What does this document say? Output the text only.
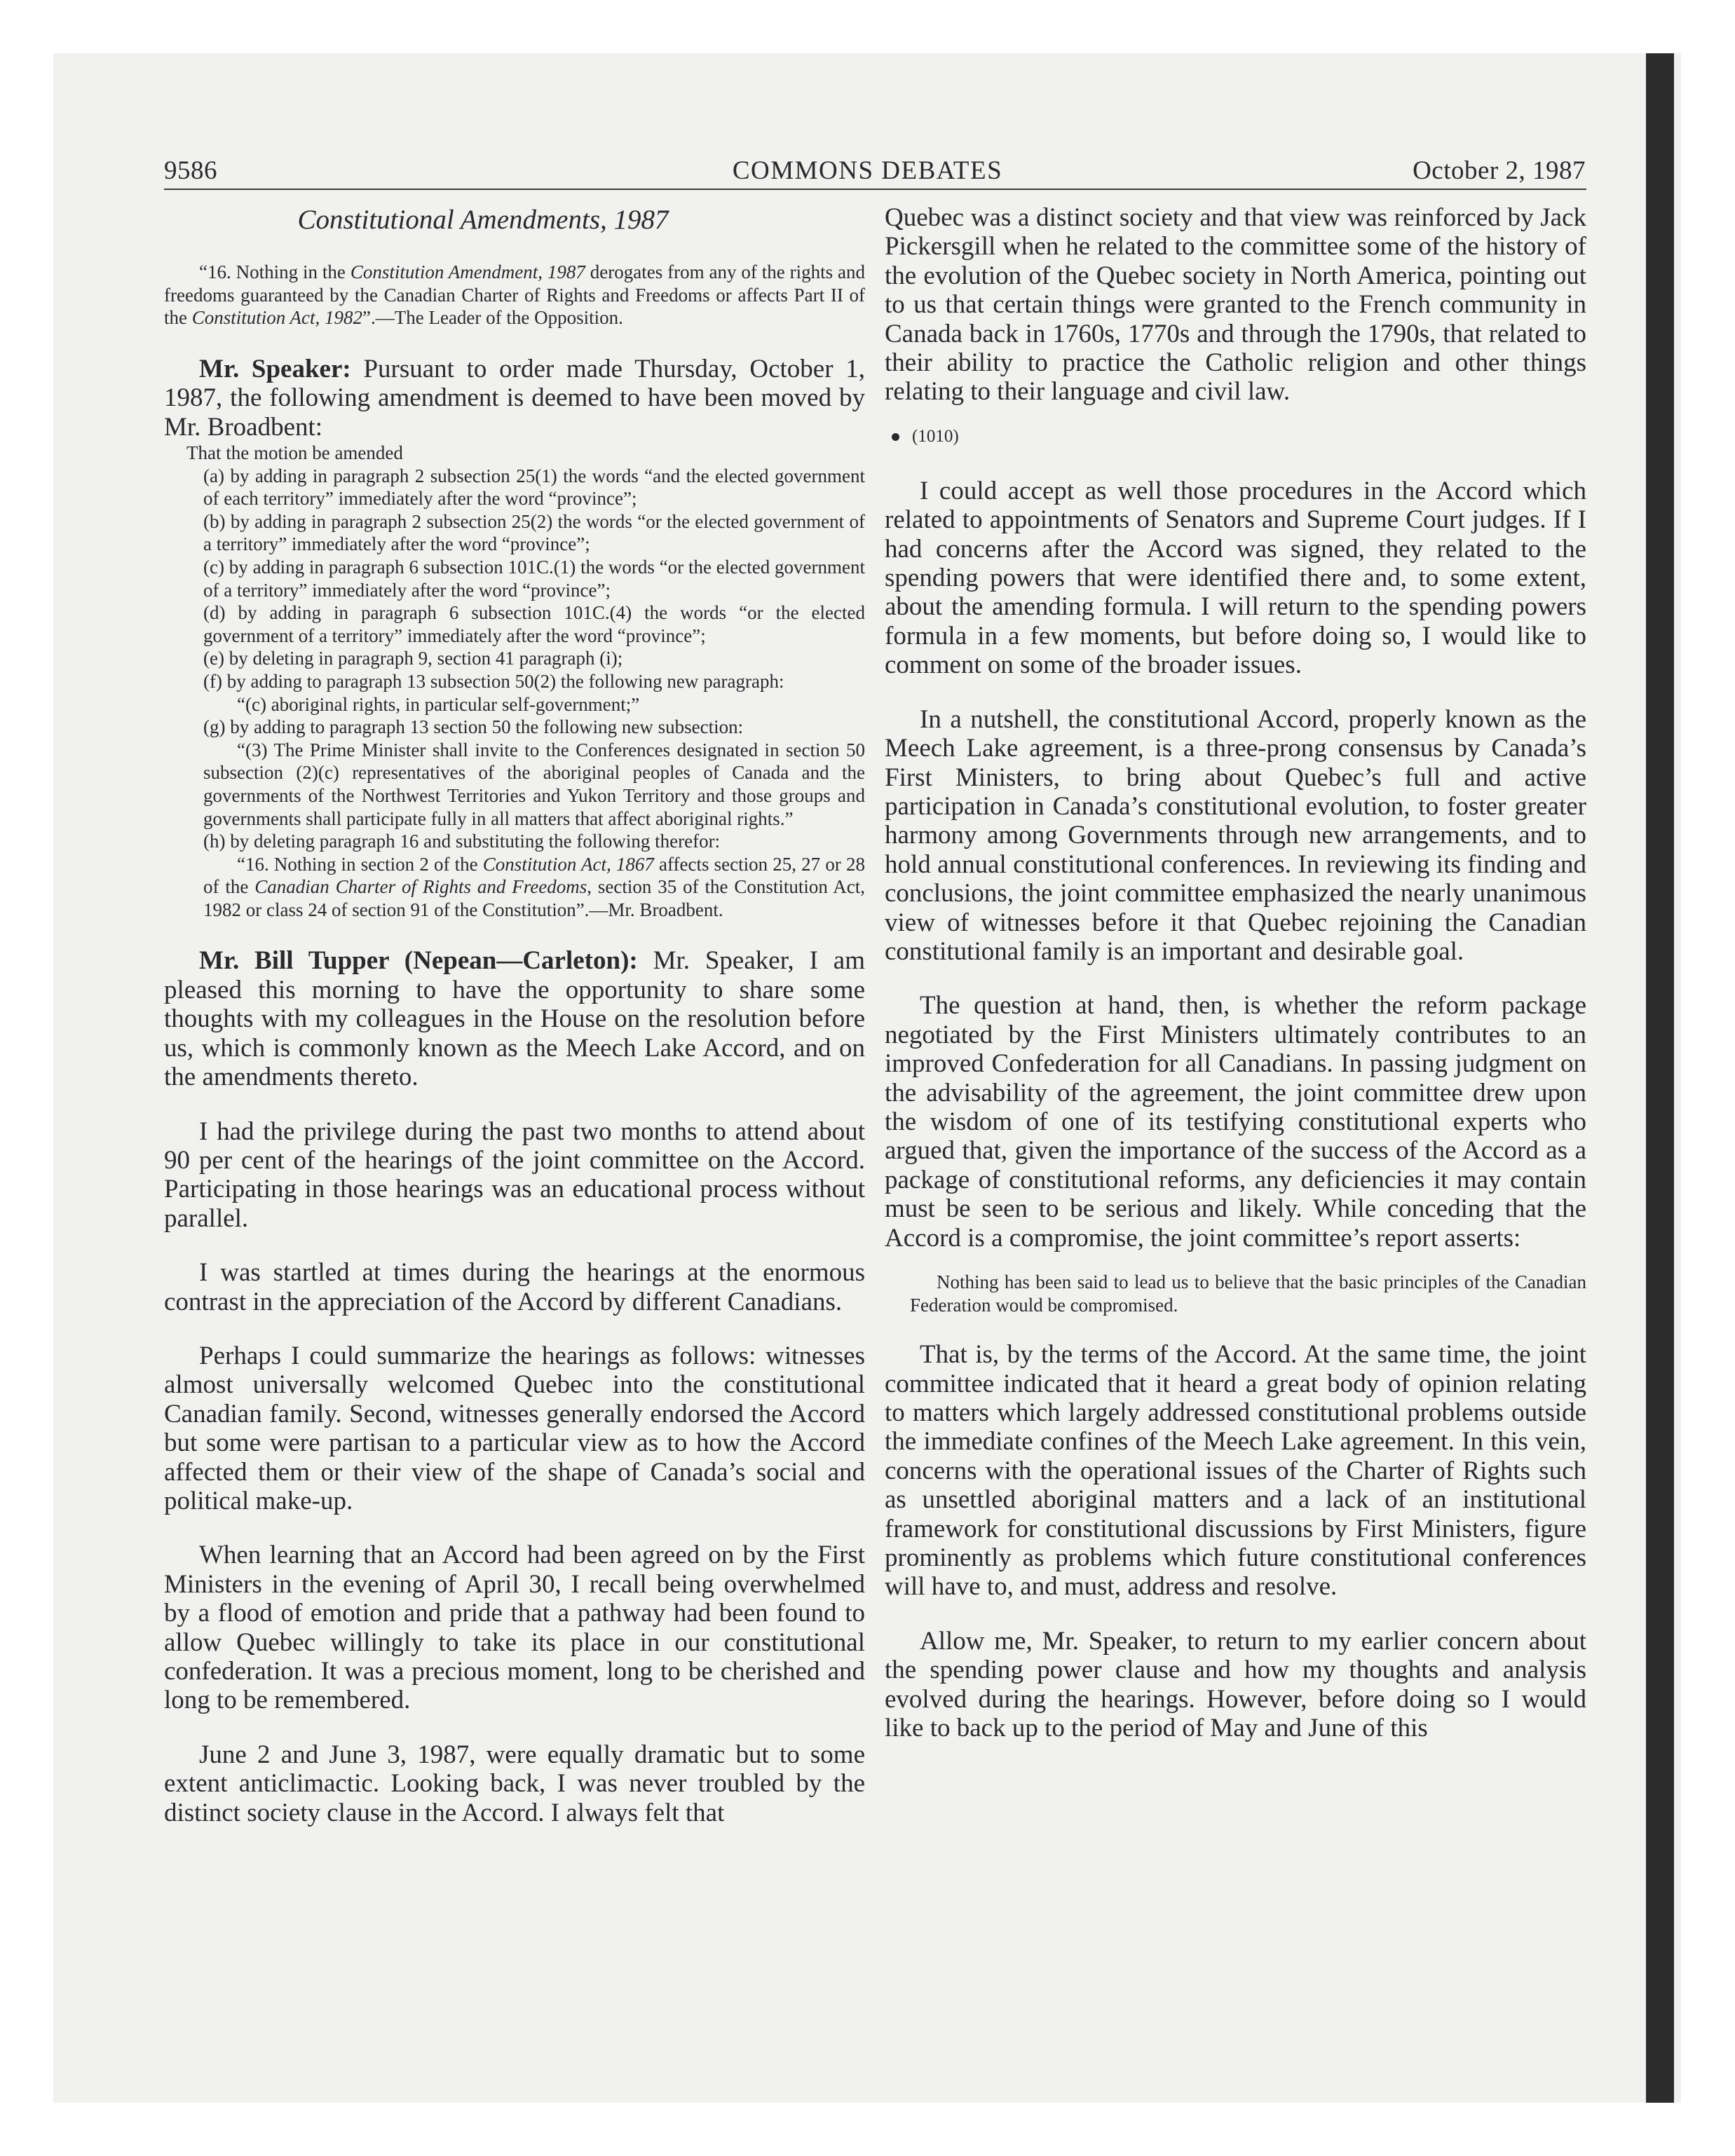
9586	COMMONS DEBATES	October 2, 1987
Constitutional Amendments, 1987

“16. Nothing in the Constitution Amendment, 1987 derogates from any of the rights and freedoms guaranteed by the Canadian Charter of Rights and Freedoms or affects Part II of the Constitution Act, 1982”.—The Leader of the Opposition.

Mr. Speaker: Pursuant to order made Thursday, October 1, 1987, the following amendment is deemed to have been moved by Mr. Broadbent:

That the motion be amended

(a) by adding in paragraph 2 subsection 25(1) the words “and the elected government of each territory” immediately after the word “province”;

(b) by adding in paragraph 2 subsection 25(2) the words “or the elected government of a territory” immediately after the word “province”;

(c) by adding in paragraph 6 subsection 101C.(1) the words “or the elected government of a territory” immediately after the word “province”;

(d) by adding in paragraph 6 subsection 101C.(4) the words “or the elected government of a territory” immediately after the word “province”;

(e) by deleting in paragraph 9, section 41 paragraph (i);

(f) by adding to paragraph 13 subsection 50(2) the following new paragraph:

“(c) aboriginal rights, in particular self-government;”

(g) by adding to paragraph 13 section 50 the following new subsection:

“(3) The Prime Minister shall invite to the Conferences designated in section 50 subsection (2)(c) representatives of the aboriginal peoples of Canada and the governments of the Northwest Territories and Yukon Territory and those groups and governments shall participate fully in all matters that affect aboriginal rights.”

(h) by deleting paragraph 16 and substituting the following therefor:

“16. Nothing in section 2 of the Constitution Act, 1867 affects section 25, 27 or 28 of the Canadian Charter of Rights and Freedoms, section 35 of the Constitution Act, 1982 or class 24 of section 91 of the Constitution”.—Mr. Broadbent.

Mr. Bill Tupper (Nepean—Carleton): Mr. Speaker, I am pleased this morning to have the opportunity to share some thoughts with my colleagues in the House on the resolution before us, which is commonly known as the Meech Lake Accord, and on the amendments thereto.

I had the privilege during the past two months to attend about 90 per cent of the hearings of the joint committee on the Accord. Participating in those hearings was an educational process without parallel.

I was startled at times during the hearings at the enormous contrast in the appreciation of the Accord by different Canadians.

Perhaps I could summarize the hearings as follows: witnesses almost universally welcomed Quebec into the constitutional Canadian family. Second, witnesses generally endorsed the Accord but some were partisan to a particular view as to how the Accord affected them or their view of the shape of Canada’s social and political make-up.

When learning that an Accord had been agreed on by the First Ministers in the evening of April 30, I recall being overwhelmed by a flood of emotion and pride that a pathway had been found to allow Quebec willingly to take its place in our constitutional confederation. It was a precious moment, long to be cherished and long to be remembered.

June 2 and June 3, 1987, were equally dramatic but to some extent anticlimactic. Looking back, I was never troubled by the distinct society clause in the Accord. I always felt that

Quebec was a distinct society and that view was reinforced by Jack Pickersgill when he related to the committee some of the history of the evolution of the Quebec society in North America, pointing out to us that certain things were granted to the French community in Canada back in 1760s, 1770s and through the 1790s, that related to their ability to practice the Catholic religion and other things relating to their language and civil law.

(1010)

I could accept as well those procedures in the Accord which related to appointments of Senators and Supreme Court judges. If I had concerns after the Accord was signed, they related to the spending powers that were identified there and, to some extent, about the amending formula. I will return to the spending powers formula in a few moments, but before doing so, I would like to comment on some of the broader issues.

In a nutshell, the constitutional Accord, properly known as the Meech Lake agreement, is a three-prong consensus by Canada’s First Ministers, to bring about Quebec’s full and active participation in Canada’s constitutional evolution, to foster greater harmony among Governments through new arrangements, and to hold annual constitutional conferences. In reviewing its finding and conclusions, the joint committee emphasized the nearly unanimous view of witnesses before it that Quebec rejoining the Canadian constitutional family is an important and desirable goal.

The question at hand, then, is whether the reform package negotiated by the First Ministers ultimately contributes to an improved Confederation for all Canadians. In passing judgment on the advisability of the agreement, the joint committee drew upon the wisdom of one of its testifying constitutional experts who argued that, given the importance of the success of the Accord as a package of constitutional reforms, any deficiencies it may contain must be seen to be serious and likely. While conceding that the Accord is a compromise, the joint committee’s report asserts:

Nothing has been said to lead us to believe that the basic principles of the Canadian Federation would be compromised.

That is, by the terms of the Accord. At the same time, the joint committee indicated that it heard a great body of opinion relating to matters which largely addressed constitutional problems outside the immediate confines of the Meech Lake agreement. In this vein, concerns with the operational issues of the Charter of Rights such as unsettled aboriginal matters and a lack of an institutional framework for constitutional discussions by First Ministers, figure prominently as problems which future constitutional conferences will have to, and must, address and resolve.

Allow me, Mr. Speaker, to return to my earlier concern about the spending power clause and how my thoughts and analysis evolved during the hearings. However, before doing so I would like to back up to the period of May and June of this
